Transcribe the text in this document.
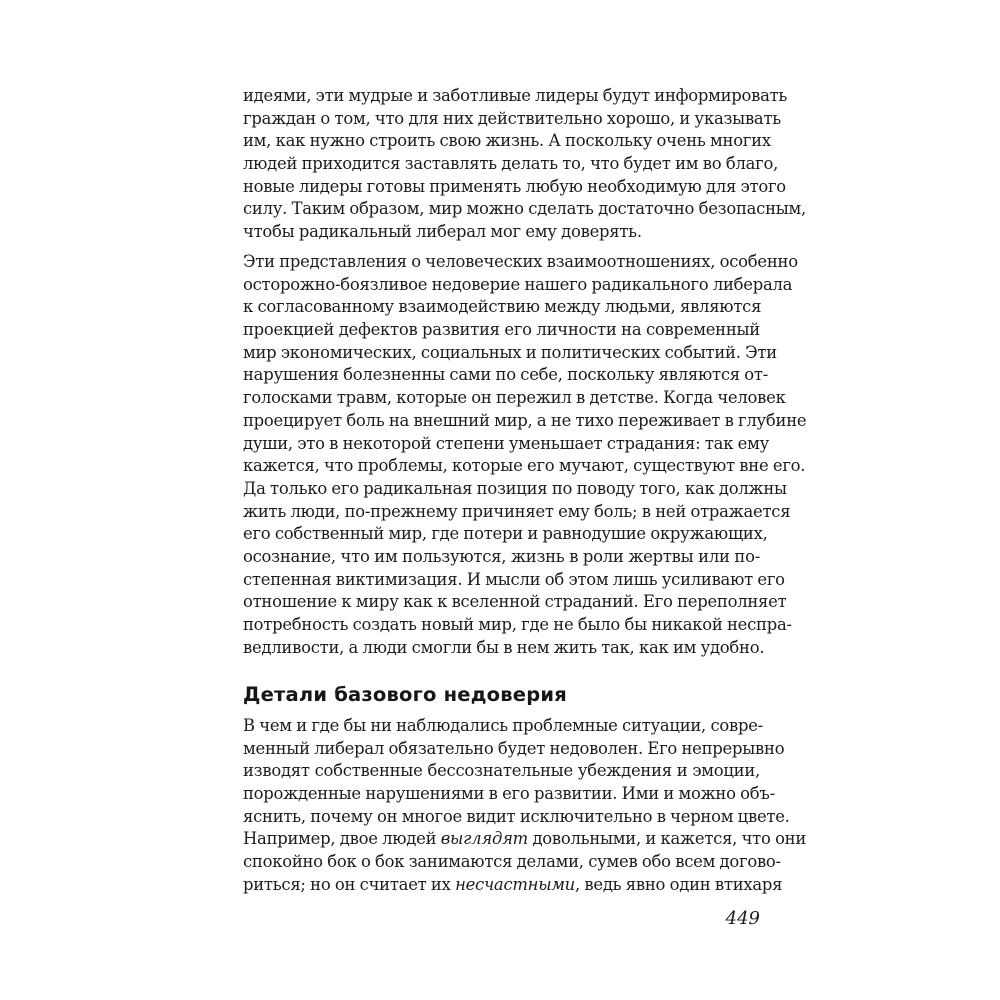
идеями, эти мудрые и заботливые лидеры будут информировать
граждан о том, что для них действительно хорошо, и указывать
им, как нужно строить свою жизнь. А поскольку очень многих
людей приходится заставлять делать то, что будет им во благо,
новые лидеры готовы применять любую необходимую для этого
силу. Таким образом, мир можно сделать достаточно безопасным,
чтобы радикальный либерал мог ему доверять.
Эти представления о человеческих взаимоотношениях, особенно
осторожно-боязливое недоверие нашего радикального либерала
к согласованному взаимодействию между людьми, являются
проекцией дефектов развития его личности на современный
мир экономических, социальных и политических событий. Эти
нарушения болезненны сами по себе, поскольку являются от-
голосками травм, которые он пережил в детстве. Когда человек
проецирует боль на внешний мир, а не тихо переживает в глубине
души, это в некоторой степени уменьшает страдания: так ему
кажется, что проблемы, которые его мучают, существуют вне его.
Да только его радикальная позиция по поводу того, как должны
жить люди, по-прежнему причиняет ему боль; в ней отражается
его собственный мир, где потери и равнодушие окружающих,
осознание, что им пользуются, жизнь в роли жертвы или по-
степенная виктимизация. И мысли об этом лишь усиливают его
отношение к миру как к вселенной страданий. Его переполняет
потребность создать новый мир, где не было бы никакой неспра-
ведливости, а люди смогли бы в нем жить так, как им удобно.
Детали базового недоверия
В чем и где бы ни наблюдались проблемные ситуации, совре-
менный либерал обязательно будет недоволен. Его непрерывно
изводят собственные бессознательные убеждения и эмоции,
порожденные нарушениями в его развитии. Ими и можно объ-
яснить, почему он многое видит исключительно в черном цвете.
Например, двое людей выглядят довольными, и кажется, что они
спокойно бок о бок занимаются делами, сумев обо всем догово-
риться; но он считает их несчастными, ведь явно один втихаря
449
